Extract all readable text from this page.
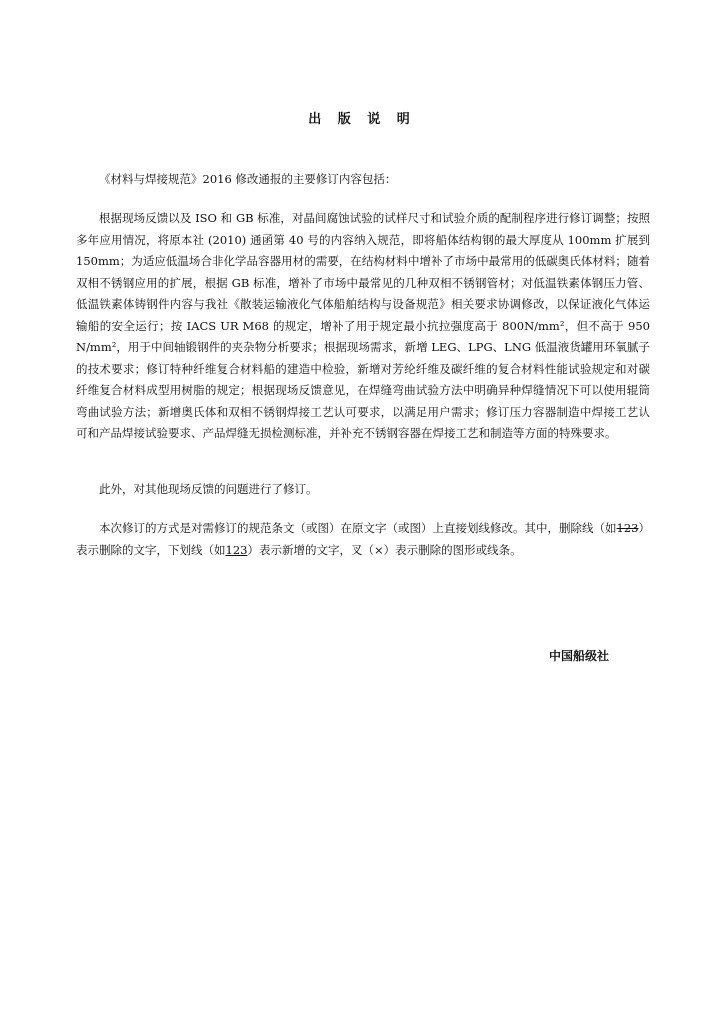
出 版 说 明

《材料与焊接规范》2016 修改通报的主要修订内容包括：

根据现场反馈以及 ISO 和 GB 标准，对晶间腐蚀试验的试样尺寸和试验介质的配制程序进行修订调整；按照多年应用情况，将原本社 (2010) 通函第 40 号的内容纳入规范，即将船体结构钢的最大厚度从 100mm 扩展到 150mm；为适应低温场合非化学品容器用材的需要，在结构材料中增补了市场中最常用的低碳奥氏体材料；随着双相不锈钢应用的扩展，根据 GB 标准，增补了市场中最常见的几种双相不锈钢管材；对低温铁素体钢压力管、低温铁素体铸钢件内容与我社《散装运输液化气体船舶结构与设备规范》相关要求协调修改，以保证液化气体运输船的安全运行；按 IACS UR M68 的规定，增补了用于规定最小抗拉强度高于 800N/mm²，但不高于 950 N/mm²，用于中间轴锻钢件的夹杂物分析要求；根据现场需求，新增 LEG、LPG、LNG 低温液货罐用环氧腻子的技术要求；修订特种纤维复合材料船的建造中检验，新增对芳纶纤维及碳纤维的复合材料性能试验规定和对碳纤维复合材料成型用树脂的规定；根据现场反馈意见，在焊缝弯曲试验方法中明确异种焊缝情况下可以使用辊筒弯曲试验方法；新增奥氏体和双相不锈钢焊接工艺认可要求，以满足用户需求；修订压力容器制造中焊接工艺认可和产品焊接试验要求、产品焊缝无损检测标准，并补充不锈钢容器在焊接工艺和制造等方面的特殊要求。

此外，对其他现场反馈的问题进行了修订。

本次修订的方式是对需修订的规范条文（或图）在原文字（或图）上直接划线修改。其中，删除线（如123）表示删除的文字，下划线（如123）表示新增的文字，叉（×）表示删除的图形或线条。

中国船级社
